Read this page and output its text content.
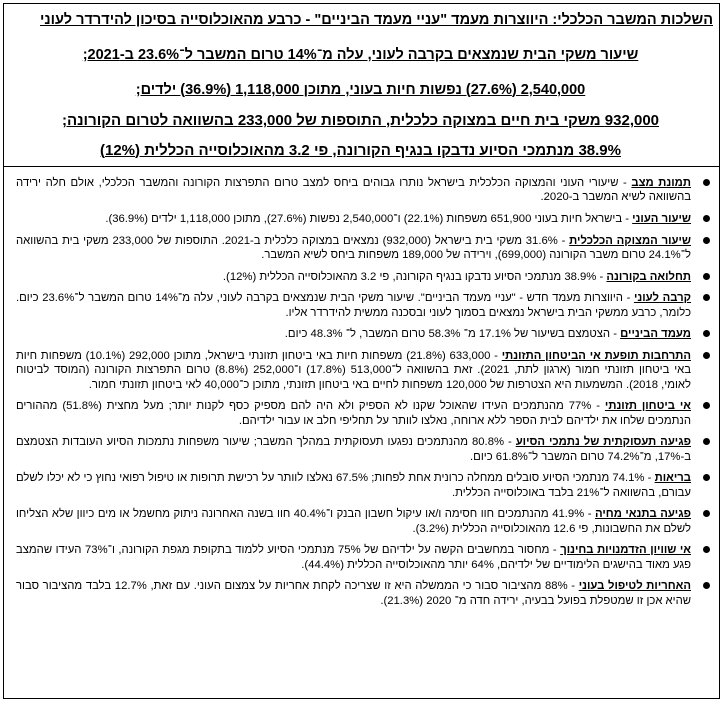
השלכות המשבר הכלכלי: היווצרות מעמד "עניי מעמד הביניים" - כרבע מהאוכלוסייה בסיכון להידרדר לעוני
שיעור משקי הבית שנמצאים בקרבה לעוני, עלה מ־14% טרום המשבר ל־23.6% ב-2021;
2,540,000 (27.6%) נפשות חיות בעוני, מתוכן 1,118,000 (36.9%) ילדים;
932,000 משקי בית חיים במצוקה כלכלית, התוספות של 233,000 בהשוואה לטרום הקורונה;
38.9% מנתמכי הסיוע נדבקו בנגיף הקורונה, פי 3.2 מהאוכלוסייה הכללית (12%)
תמונת מצב - שיעורי העוני והמצוקה הכלכלית בישראל נותרו גבוהים ביחס למצב טרום התפרצות הקורונה והמשבר הכלכלי, אולם חלה ירידה בהשוואה לשיא המשבר ב-2020.
שיעור העוני - בישראל חיות בעוני 651,900 משפחות (22.1%) ו־2,540,000 נפשות (27.6%), מתוכן 1,118,000 ילדים (36.9%).
שיעור המצוקה הכלכלית - 31.6% משקי בית בישראל (932,000) נמצאים במצוקה כלכלית ב-2021. התוספות של 233,000 משקי בית בהשוואה ל־24.1% טרום משבר הקורונה (699,000), וירידה של 189,000 משפחות ביחס לשיא המשבר.
תחלואה בקורונה - 38.9% מנתמכי הסיוע נדבקו בנגיף הקורונה, פי 3.2 מהאוכלוסייה הכללית (12%).
קרבה לעוני - היווצרות מעמד חדש - "עניי מעמד הביניים". שיעור משקי הבית שנמצאים בקרבה לעוני, עלה מ־14% טרום המשבר ל־23.6% כיום. כלומר, כרבע ממשקי הבית בישראל נמצאים בסמוך לעוני ובסכנה ממשית להידרדר אליו.
מעמד הביניים - הצטמצם בשיעור של 17.1% מ־ 58.3% טרום המשבר, ל־ 48.3% כיום.
התרחבות תופעת אי הביטחון התזונתי - 633,000 (21.8%) משפחות חיות באי ביטחון תזונתי בישראל, מתוכן 292,000 (10.1%) משפחות חיות באי ביטחון תזונתי חמור (ארגון לתת, 2021). זאת בהשוואה ל־513,000 (17.8%) ו־252,000 (8.8%) טרום התפרצות הקורונה (המוסד לביטוח לאומי, 2018). המשמעות היא הצטרפות של 120,000 משפחות לחיים באי ביטחון תזונתי, מתוכן כ־40,000 לאי ביטחון תזונתי חמור.
אי ביטחון תזונתי - 77% מהנתמכים העידו שהאוכל שקנו לא הספיק ולא היה להם מספיק כסף לקנות יותר; מעל מחצית (51.8%) מההורים הנתמכים שלחו את ילדיהם לבית הספר ללא ארוחה, נאלצו לוותר על תחליפי חלב או עבור ילדיהם.
פגיעה תעסוקתית של נתמכי הסיוע - 80.8% מהנתמכים נפגעו תעסוקתית במהלך המשבר; שיעור משפחות נתמכות הסיוע העובדות הצטמצם ב-17%, מ־74.2% טרום המשבר ל־61.8% כיום.
בריאות - 74.1% מנתמכי הסיוע סובלים ממחלה כרונית אחת לפחות; 67.5% נאלצו לוותר על רכישת תרופות או טיפול רפואי נחוץ כי לא יכלו לשלם עבורם, בהשוואה ל־21% בלבד באוכלוסייה הכללית.
פגיעה בתנאי מחיה - 41.9% מהנתמכים חוו חסימה ו/או עיקול חשבון הבנק ו־40.4% חוו בשנה האחרונה ניתוק מחשמל או מים כיוון שלא הצליחו לשלם את החשבונות, פי 12.6 מהאוכלוסייה הכללית (3.2%).
אי שוויון הזדמנויות בחינוך - מחסור במחשבים הקשה על ילדיהם של 75% מנתמכי הסיוע ללמוד בתקופת מגפת הקורונה, ו־73% העידו שהמצב פגע מאוד בהישגים הלימודיים של ילדיהם, 64% יותר מהאוכלוסייה הכללית (44.4%).
האחריות לטיפול בעוני - 88% מהציבור סבור כי הממשלה היא זו שצריכה לקחת אחריות על צמצום העוני. עם זאת, 12.7% בלבד מהציבור סבור שהיא אכן זו שמטפלת בפועל בבעיה, ירידה חדה מ־ 2020 (21.3%).
